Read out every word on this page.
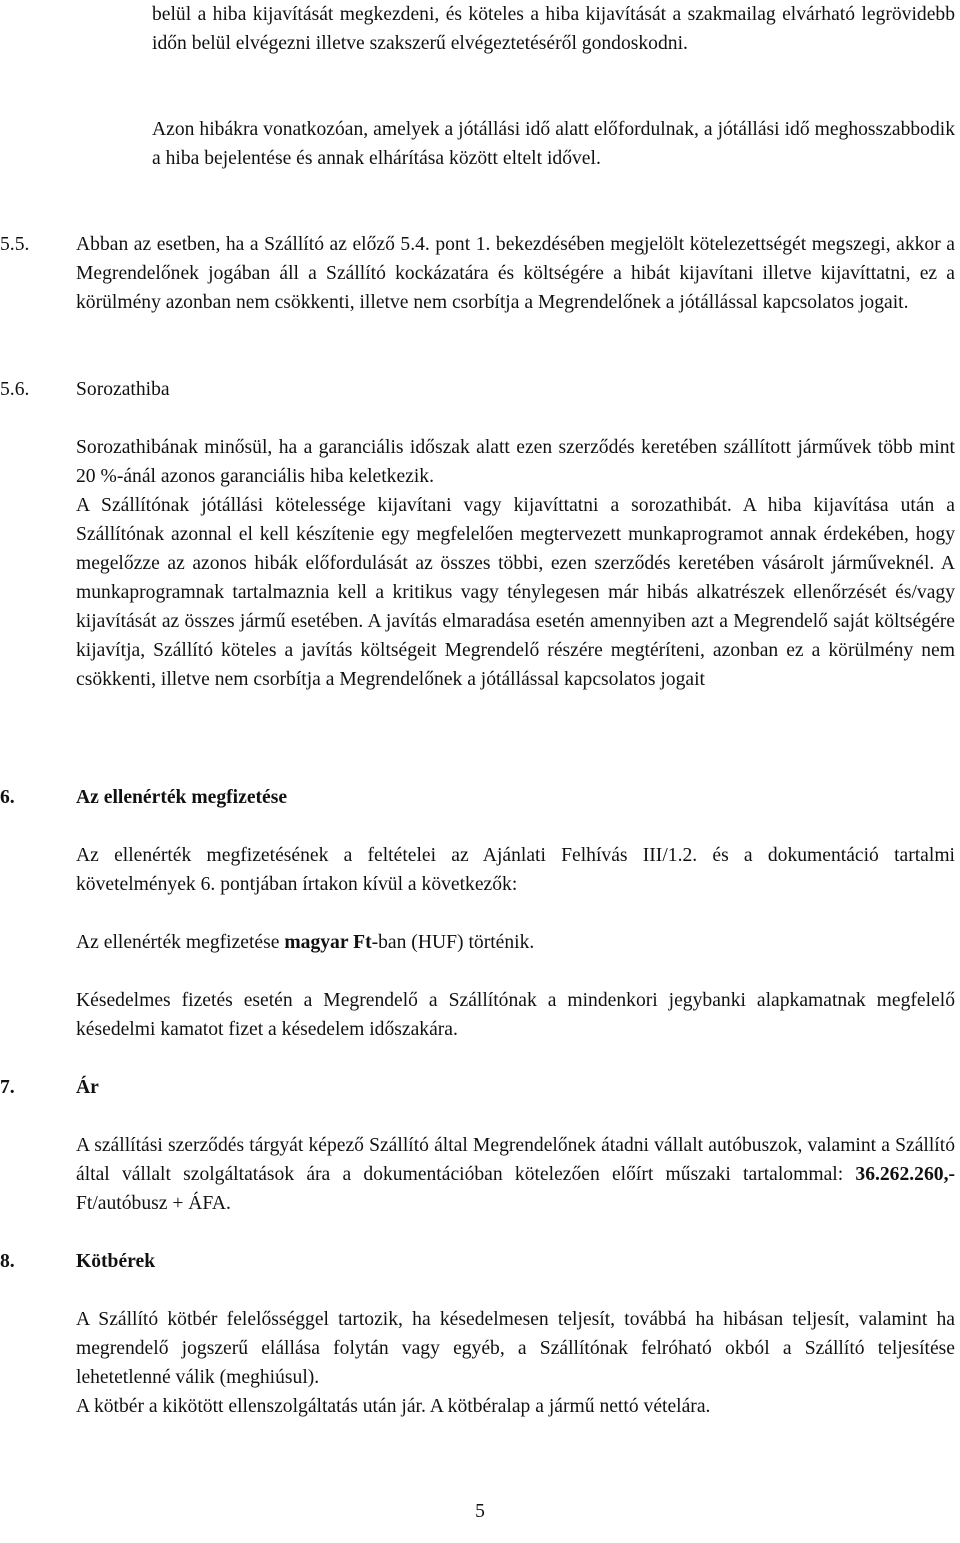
belül a hiba kijavítását megkezdeni, és köteles a hiba kijavítását a szakmailag elvárható legrövidebb időn belül elvégezni illetve szakszerű elvégeztetéséről gondoskodni.
Azon hibákra vonatkozóan, amelyek a jótállási idő alatt előfordulnak, a jótállási idő meghosszabbodik a hiba bejelentése és annak elhárítása között eltelt idővel.
5.5. Abban az esetben, ha a Szállító az előző 5.4. pont 1. bekezdésében megjelölt kötelezettségét megszegi, akkor a Megrendelőnek jogában áll a Szállító kockázatára és költségére a hibát kijavítani illetve kijavíttatni, ez a körülmény azonban nem csökkenti, illetve nem csorbítja a Megrendelőnek a jótállással kapcsolatos jogait.
5.6. Sorozathiba
Sorozathibának minősül, ha a garanciális időszak alatt ezen szerződés keretében szállított járművek több mint 20 %-ánál azonos garanciális hiba keletkezik.
A Szállítónak jótállási kötelessége kijavítani vagy kijavíttatni a sorozathibát. A hiba kijavítása után a Szállítónak azonnal el kell készítenie egy megfelelően megtervezett munkaprogramot annak érdekében, hogy megelőzze az azonos hibák előfordulását az összes többi, ezen szerződés keretében vásárolt járműveknél. A munkaprogramnak tartalmaznia kell a kritikus vagy ténylegesen már hibás alkatrészek ellenőrzését és/vagy kijavítását az összes jármű esetében. A javítás elmaradása esetén amennyiben azt a Megrendelő saját költségére kijavítja, Szállító köteles a javítás költségeit Megrendelő részére megtéríteni, azonban ez a körülmény nem csökkenti, illetve nem csorbítja a Megrendelőnek a jótállással kapcsolatos jogait
6.	Az ellenérték megfizetése
Az ellenérték megfizetésének a feltételei az Ajánlati Felhívás III/1.2. és a dokumentáció tartalmi követelmények 6. pontjában írtakon kívül a következők:
Az ellenérték megfizetése magyar Ft-ban (HUF) történik.
Késedelmes fizetés esetén a Megrendelő a Szállítónak a mindenkori jegybanki alapkamatnak megfelelő késedelmi kamatot fizet a késedelem időszakára.
7.	Ár
A szállítási szerződés tárgyát képező Szállító által Megrendelőnek átadni vállalt autóbuszok, valamint a Szállító által vállalt szolgáltatások ára a dokumentációban kötelezően előírt műszaki tartalommal: 36.262.260,- Ft/autóbusz + ÁFA.
8.	Kötbérek
A Szállító kötbér felelősséggel tartozik, ha késedelmesen teljesít, továbbá ha hibásan teljesít, valamint ha megrendelő jogszerű elállása folytán vagy egyéb, a Szállítónak felróható okból a Szállító teljesítése lehetetlenné válik (meghiúsul).
A kötbér a kikötött ellenszolgáltatás után jár. A kötbéralap a jármű nettó vételára.
5
